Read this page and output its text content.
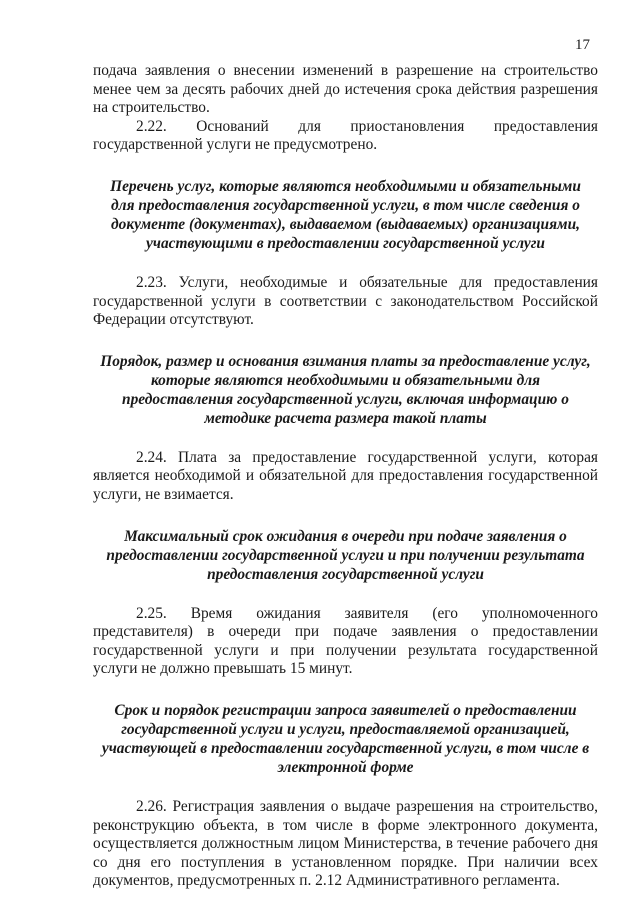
17

подача заявления о внесении изменений в разрешение на строительство менее чем за десять рабочих дней до истечения срока действия разрешения на строительство.

2.22. Оснований для приостановления предоставления государственной услуги не предусмотрено.

Перечень услуг, которые являются необходимыми и обязательными для предоставления государственной услуги, в том числе сведения о документе (документах), выдаваемом (выдаваемых) организациями, участвующими в предоставлении государственной услуги

2.23. Услуги, необходимые и обязательные для предоставления государственной услуги в соответствии с законодательством Российской Федерации отсутствуют.

Порядок, размер и основания взимания платы за предоставление услуг, которые являются необходимыми и обязательными для предоставления государственной услуги, включая информацию о методике расчета размера такой платы

2.24. Плата за предоставление государственной услуги, которая является необходимой и обязательной для предоставления государственной услуги, не взимается.

Максимальный срок ожидания в очереди при подаче заявления о предоставлении государственной услуги и при получении результата предоставления государственной услуги

2.25. Время ожидания заявителя (его уполномоченного представителя) в очереди при подаче заявления о предоставлении государственной услуги и при получении результата государственной услуги не должно превышать 15 минут.

Срок и порядок регистрации запроса заявителей о предоставлении государственной услуги и услуги, предоставляемой организацией, участвующей в предоставлении государственной услуги, в том числе в электронной форме

2.26. Регистрация заявления о выдаче разрешения на строительство, реконструкцию объекта, в том числе в форме электронного документа, осуществляется должностным лицом Министерства, в течение рабочего дня со дня его поступления в установленном порядке. При наличии всех документов, предусмотренных п. 2.12 Административного регламента.
